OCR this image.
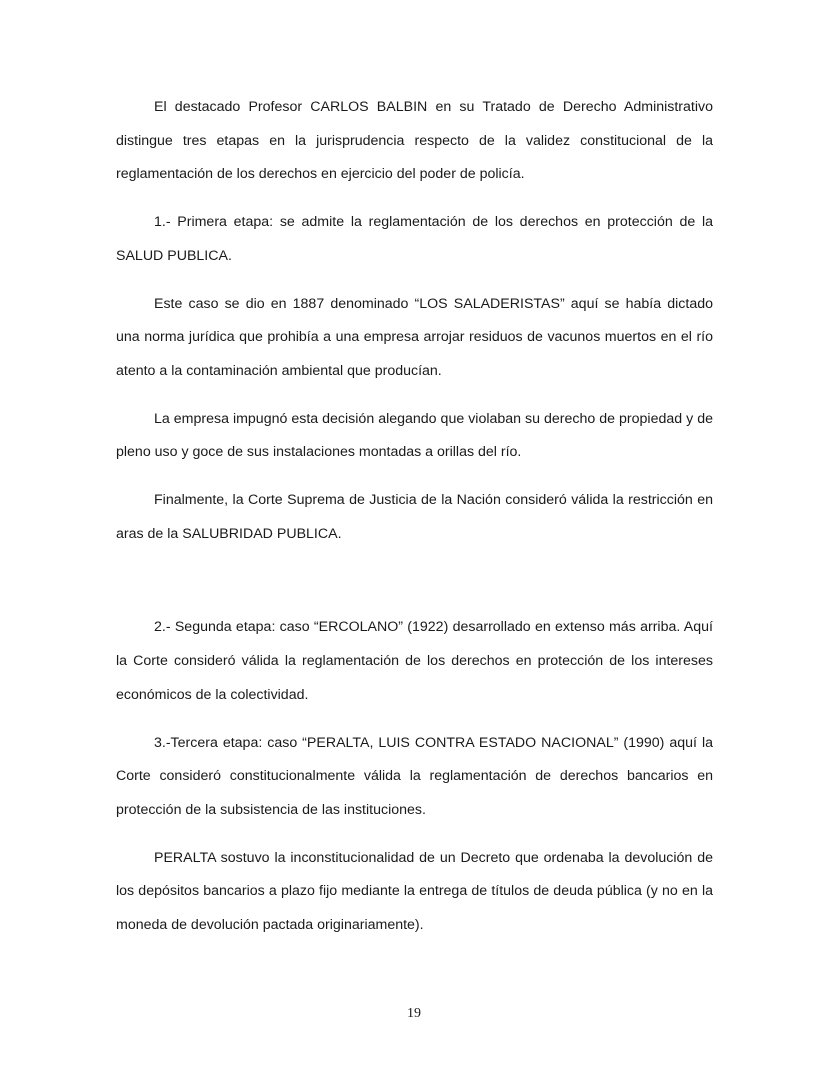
El destacado Profesor CARLOS BALBIN en su Tratado de Derecho Administrativo distingue tres etapas en la jurisprudencia respecto de la validez constitucional de la reglamentación de los derechos en ejercicio del poder de policía.

1.- Primera etapa: se admite la reglamentación de los derechos en protección de la SALUD PUBLICA.

Este caso se dio en 1887 denominado “LOS SALADERISTAS” aquí se había dictado una norma jurídica que prohibía a una empresa arrojar residuos de vacunos muertos en el río atento a la contaminación ambiental que producían.

La empresa impugnó esta decisión alegando que violaban su derecho de propiedad y de pleno uso y goce de sus instalaciones montadas a orillas del río.

Finalmente, la Corte Suprema de Justicia de la Nación consideró válida la restricción en aras de la SALUBRIDAD PUBLICA.

2.- Segunda etapa: caso “ERCOLANO” (1922) desarrollado en extenso más arriba. Aquí la Corte consideró válida la reglamentación de los derechos en protección de los intereses económicos de la colectividad.

3.-Tercera etapa: caso “PERALTA, LUIS CONTRA ESTADO NACIONAL” (1990) aquí la Corte consideró constitucionalmente válida la reglamentación de derechos bancarios en protección de la subsistencia de las instituciones.

PERALTA sostuvo la inconstitucionalidad de un Decreto que ordenaba la devolución de los depósitos bancarios a plazo fijo mediante la entrega de títulos de deuda pública (y no en la moneda de devolución pactada originariamente).

19
